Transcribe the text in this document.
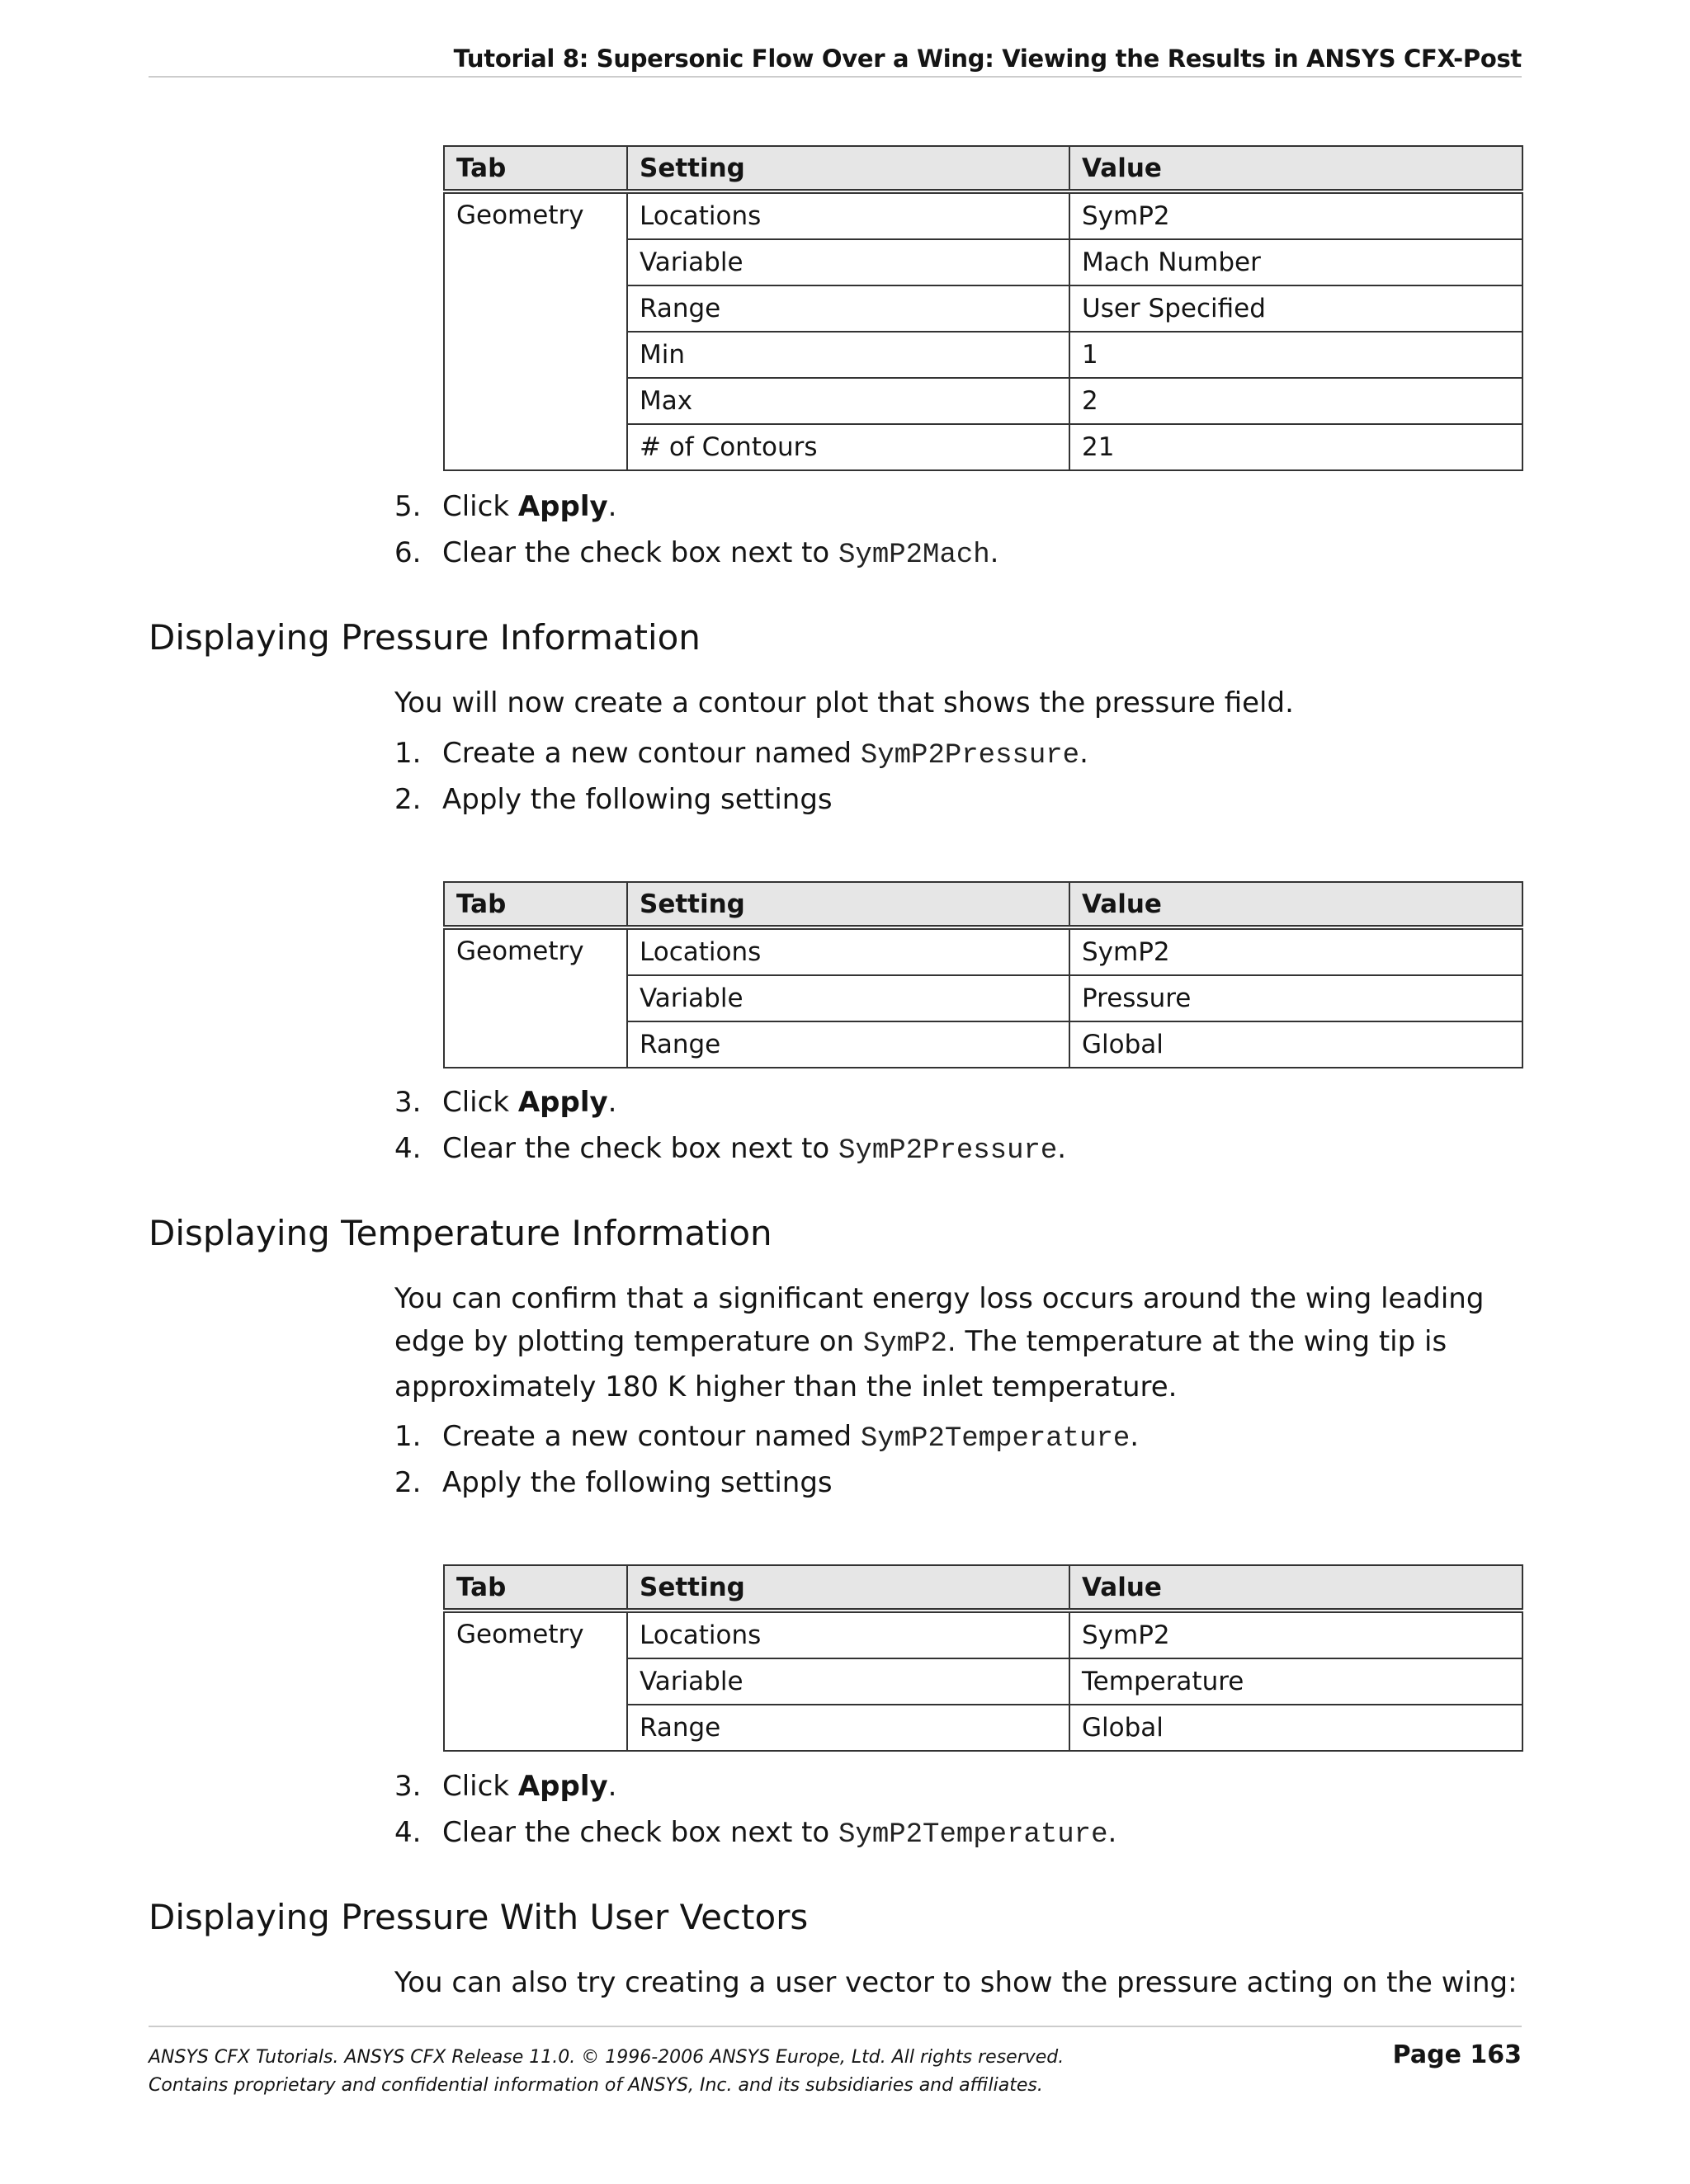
Tutorial 8: Supersonic Flow Over a Wing: Viewing the Results in ANSYS CFX-Post
Tab	Setting	Value
Geometry	Locations	SymP2
	Variable	Mach Number
	Range	User Specified
	Min	1
	Max	2
	# of Contours	21
5. Click Apply.
6. Clear the check box next to SymP2Mach.
Displaying Pressure Information

You will now create a contour plot that shows the pressure field.

1. Create a new contour named SymP2Pressure.
2. Apply the following settings
Tab	Setting	Value
Geometry	Locations	SymP2
	Variable	Pressure
	Range	Global
3. Click Apply.
4. Clear the check box next to SymP2Pressure.
Displaying Temperature Information

You can confirm that a significant energy loss occurs around the wing leading edge by plotting temperature on SymP2. The temperature at the wing tip is approximately 180 K higher than the inlet temperature.

1. Create a new contour named SymP2Temperature.
2. Apply the following settings
Tab	Setting	Value
Geometry	Locations	SymP2
	Variable	Temperature
	Range	Global
3. Click Apply.
4. Clear the check box next to SymP2Temperature.
Displaying Pressure With User Vectors

You can also try creating a user vector to show the pressure acting on the wing:

ANSYS CFX Tutorials. ANSYS CFX Release 11.0. © 1996-2006 ANSYS Europe, Ltd. All rights reserved.
Contains proprietary and confidential information of ANSYS, Inc. and its subsidiaries and affiliates.
Page 163
